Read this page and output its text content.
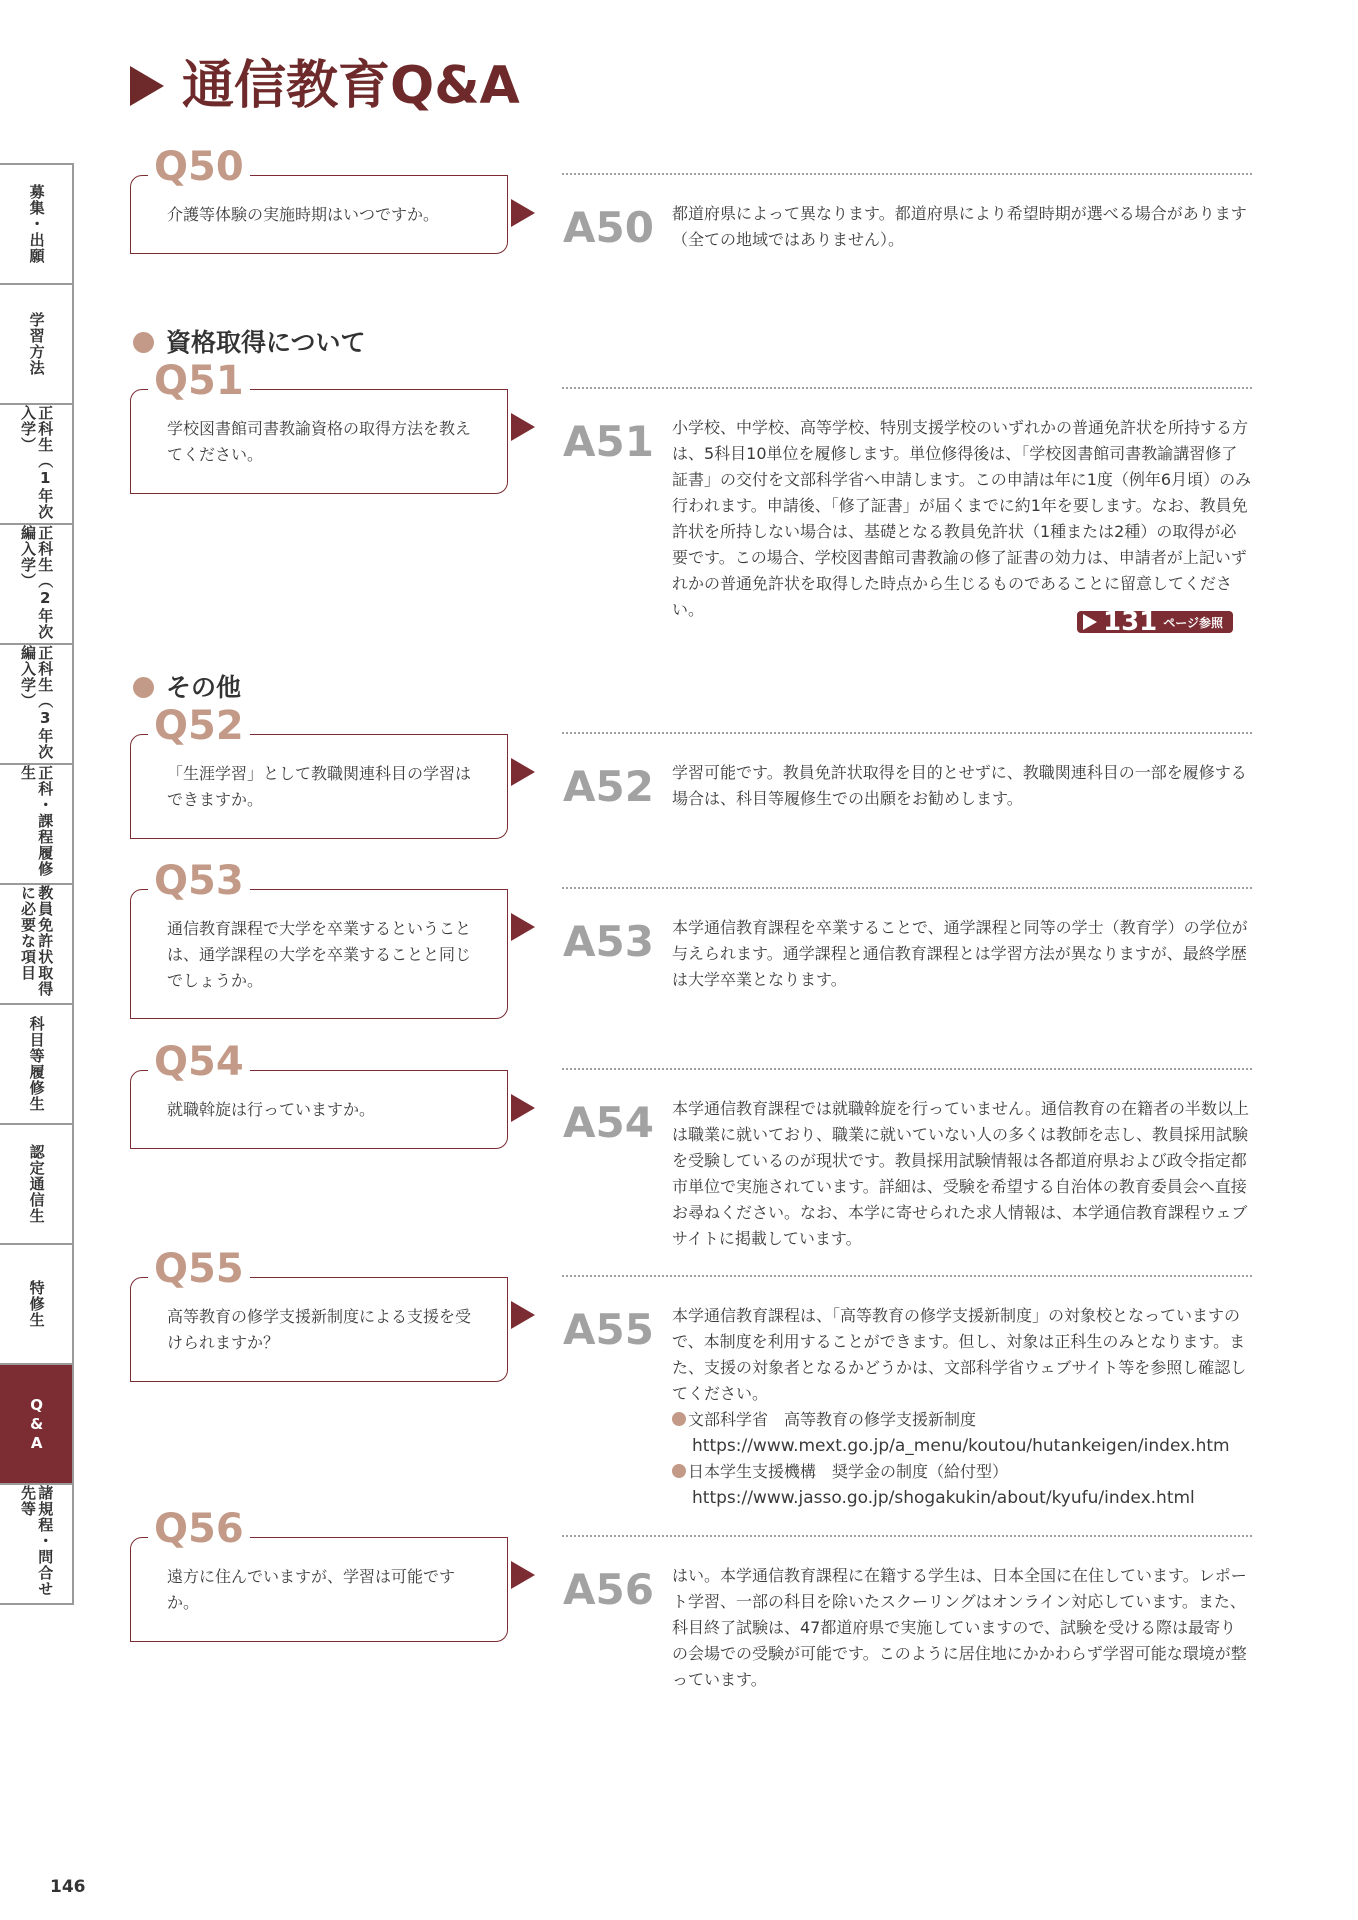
通信教育Q&A
募集・出願
学習方法
正科生（1年次入学）
正科生（2年次編入学）
正科生（3年次編入学）
正科・課程履修生
教員免許状取得に必要な項目
科目等履修生
認定通信生
特修生
Q&A
諸規程・問合せ先等
介護等体験の実施時期はいつですか。
Q50
A50 都道府県によって異なります。都道府県により希望時期が選べる場合があります（全ての地域ではありません）。

資格取得について
学校図書館司書教諭資格の取得方法を教えてください。
Q51
A51 小学校、中学校、高等学校、特別支援学校のいずれかの普通免許状を所持する方は、5科目10単位を履修します。単位修得後は、「学校図書館司書教諭講習修了証書」の交付を文部科学省へ申請します。この申請は年に1度（例年6月頃）のみ行われます。申請後、「修了証書」が届くまでに約1年を要します。なお、教員免許状を所持しない場合は、基礎となる教員免許状（1種または2種）の取得が必要です。この場合、学校図書館司書教諭の修了証書の効力は、申請者が上記いずれかの普通免許状を取得した時点から生じるものであることに留意してください。	131 ページ参照
その他
「生涯学習」として教職関連科目の学習はできますか。
Q52
A52 学習可能です。教員免許状取得を目的とせずに、教職関連科目の一部を履修する場合は、科目等履修生での出願をお勧めします。

通信教育課程で大学を卒業するということは、通学課程の大学を卒業することと同じでしょうか。
Q53
A53 本学通信教育課程を卒業することで、通学課程と同等の学士（教育学）の学位が与えられます。通学課程と通信教育課程とは学習方法が異なりますが、最終学歴は大学卒業となります。

就職斡旋は行っていますか。
Q54
A54 本学通信教育課程では就職斡旋を行っていません。通信教育の在籍者の半数以上は職業に就いており、職業に就いていない人の多くは教師を志し、教員採用試験を受験しているのが現状です。教員採用試験情報は各都道府県および政令指定都市単位で実施されています。詳細は、受験を希望する自治体の教育委員会へ直接お尋ねください。なお、本学に寄せられた求人情報は、本学通信教育課程ウェブサイトに掲載しています。

高等教育の修学支援新制度による支援を受けられますか？
Q55
A55 本学通信教育課程は、「高等教育の修学支援新制度」の対象校となっていますので、本制度を利用することができます。但し、対象は正科生のみとなります。また、支援の対象者となるかどうかは、文部科学省ウェブサイト等を参照し確認してください。

文部科学省　高等教育の修学支援新制度

https://www.mext.go.jp/a_menu/koutou/hutankeigen/index.htm

日本学生支援機構　奨学金の制度（給付型）

https://www.jasso.go.jp/shogakukin/about/kyufu/index.html

遠方に住んでいますが、学習は可能ですか。
Q56
A56 はい。本学通信教育課程に在籍する学生は、日本全国に在住しています。レポート学習、一部の科目を除いたスクーリングはオンライン対応しています。また、科目終了試験は、47都道府県で実施していますので、試験を受ける際は最寄りの会場での受験が可能です。このように居住地にかかわらず学習可能な環境が整っています。

146
